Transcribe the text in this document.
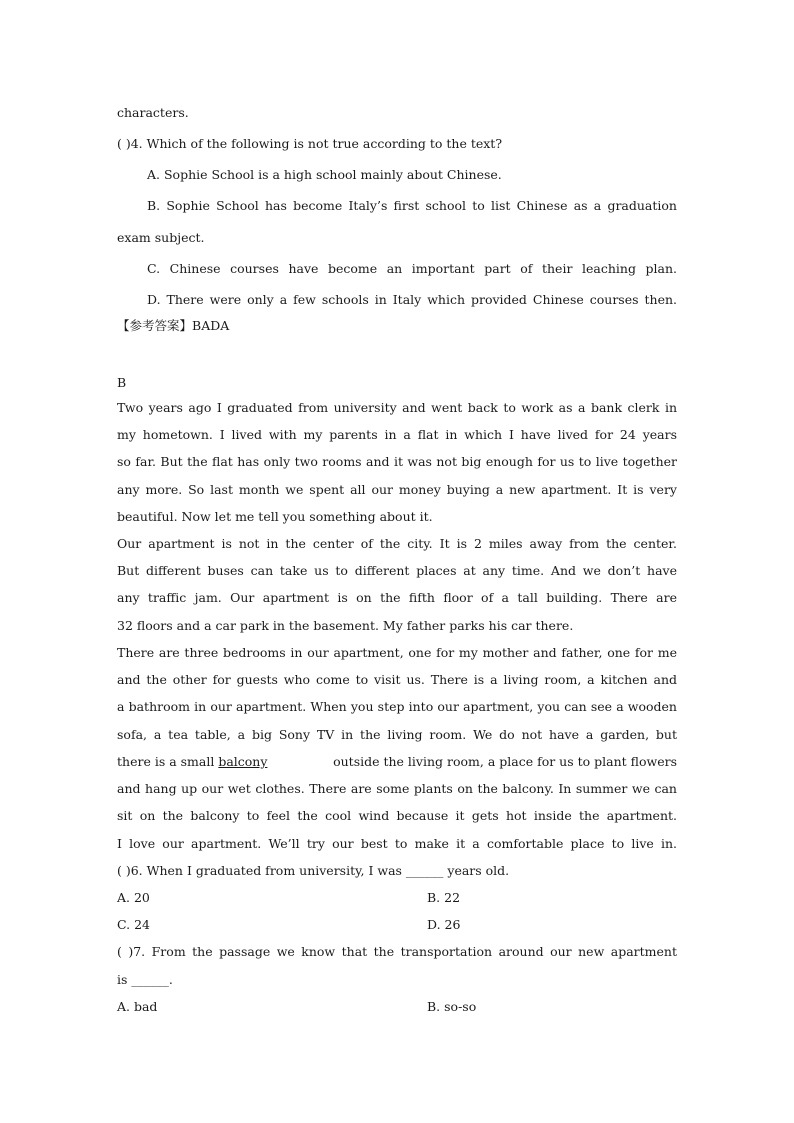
characters.
( )4. Which of the following is not true according to the text?
A. Sophie School is a high school mainly about Chinese.
B. Sophie School has become Italy’s first school to list Chinese as a graduation
exam subject.
C. Chinese courses have become an important part of their leaching plan.
D. There were only a few schools in Italy which provided Chinese courses then.
【参考答案】BADA
B
Two years ago I graduated from university and went back to work as a bank clerk in
my hometown. I lived with my parents in a flat in which I have lived for 24 years
so far. But the flat has only two rooms and it was not big enough for us to live together
any more. So last month we spent all our money buying a new apartment. It is very
beautiful. Now let me tell you something about it.
Our apartment is not in the center of the city. It is 2 miles away from the center.
But different buses can take us to different places at any time. And we don’t have
any traffic jam. Our apartment is on the fifth floor of a tall building. There are
32 floors and a car park in the basement. My father parks his car there.
There are three bedrooms in our apartment, one for my mother and father, one for me
and the other for guests who come to visit us. There is a living room, a kitchen and
a bathroom in our apartment. When you step into our apartment, you can see a wooden
sofa, a tea table, a big Sony TV in the living room. We do not have a garden, but
there is a small balcony	outside the living room, a place for us to plant flowers
and hang up our wet clothes. There are some plants on the balcony. In summer we can
sit on the balcony to feel the cool wind because it gets hot inside the apartment.
I love our apartment. We’ll try our best to make it a comfortable place to live in.
( )6. When I graduated from university, I was ______ years old.
A. 20	B. 22
C. 24	D. 26
( )7. From the passage we know that the transportation around our new apartment
is ______.
A. bad	B. so-so
